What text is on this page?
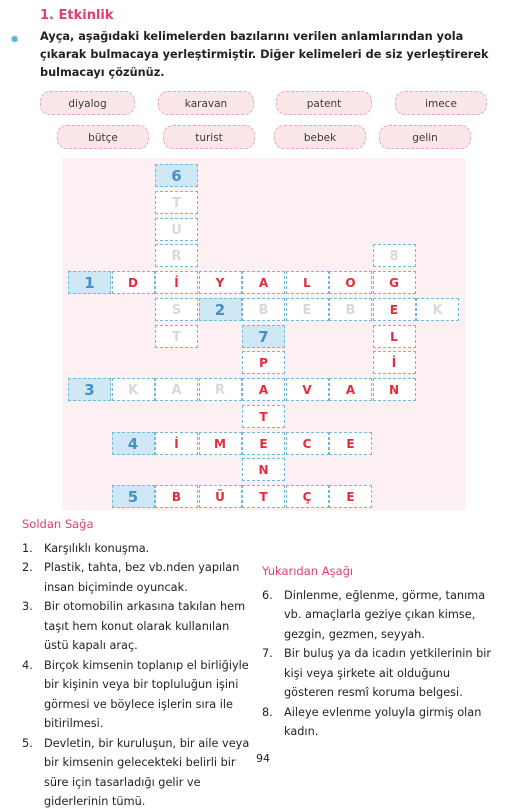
1. Etkinlik
✹ Ayça, aşağıdaki kelimelerden bazılarını verilen anlamlarından yola çıkarak bulmacaya yerleştirmiştir. Diğer kelimeleri de siz yerleştirerek bulmacayı çözünüz.
diyalog	karavan	patent	imece
bütçe	turist	bebek	gelin
6
T
U
R	8
1	D	İ	Y	A	L	O	G
S	2	B	E	B	E	K
T	7	L
P	İ
3	K	A	R	A	V	A	N
T
4	İ	M	E	C	E
N
5	B	Ü	T	Ç	E
Soldan Sağa
1. Karşılıklı konuşma.
2. Plastik, tahta, bez vb.nden yapılan insan biçiminde oyuncak.
3. Bir otomobilin arkasına takılan hem taşıt hem konut olarak kullanılan üstü kapalı araç.
4. Birçok kimsenin toplanıp el birliğiyle bir kişinin veya bir topluluğun işini görmesi ve böylece işlerin sıra ile bitirilmesi.
5. Devletin, bir kuruluşun, bir aile veya bir kimsenin gelecekteki belirli bir süre için tasarladığı gelir ve giderlerinin tümü.
Yukarıdan Aşağı
6. Dinlenme, eğlenme, görme, tanıma vb. amaçlarla geziye çıkan kimse, gezgin, gezmen, seyyah.
7. Bir buluş ya da icadın yetkilerinin bir kişi veya şirkete ait olduğunu gösteren resmî koruma belgesi.
8. Aileye evlenme yoluyla girmiş olan kadın.
94
